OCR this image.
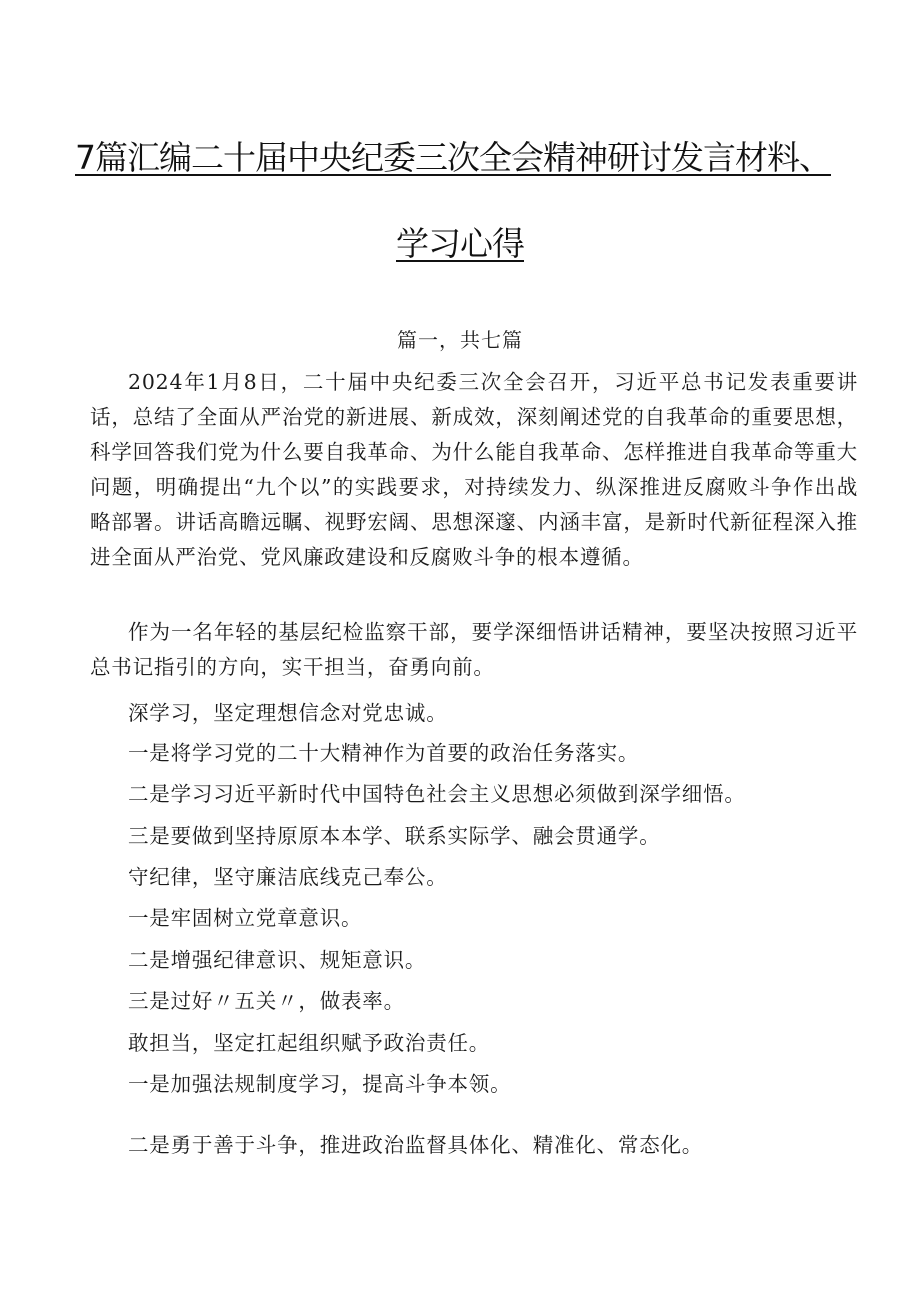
7篇汇编二十届中央纪委三次全会精神研讨发言材料、
学习心得
篇一，共七篇
2024年1月8日，二十届中央纪委三次全会召开，习近平总书记发表重要讲话，总结了全面从严治党的新进展、新成效，深刻阐述党的自我革命的重要思想，科学回答我们党为什么要自我革命、为什么能自我革命、怎样推进自我革命等重大问题，明确提出“九个以”的实践要求，对持续发力、纵深推进反腐败斗争作出战略部署。讲话高瞻远瞩、视野宏阔、思想深邃、内涵丰富，是新时代新征程深入推进全面从严治党、党风廉政建设和反腐败斗争的根本遵循。
作为一名年轻的基层纪检监察干部，要学深细悟讲话精神，要坚决按照习近平总书记指引的方向，实干担当，奋勇向前。
深学习，坚定理想信念对党忠诚。
一是将学习党的二十大精神作为首要的政治任务落实。
二是学习习近平新时代中国特色社会主义思想必须做到深学细悟。
三是要做到坚持原原本本学、联系实际学、融会贯通学。
守纪律，坚守廉洁底线克己奉公。
一是牢固树立党章意识。
二是增强纪律意识、规矩意识。
三是过好〃五关〃，做表率。
敢担当，坚定扛起组织赋予政治责任。
一是加强法规制度学习，提高斗争本领。
二是勇于善于斗争，推进政治监督具体化、精准化、常态化。
